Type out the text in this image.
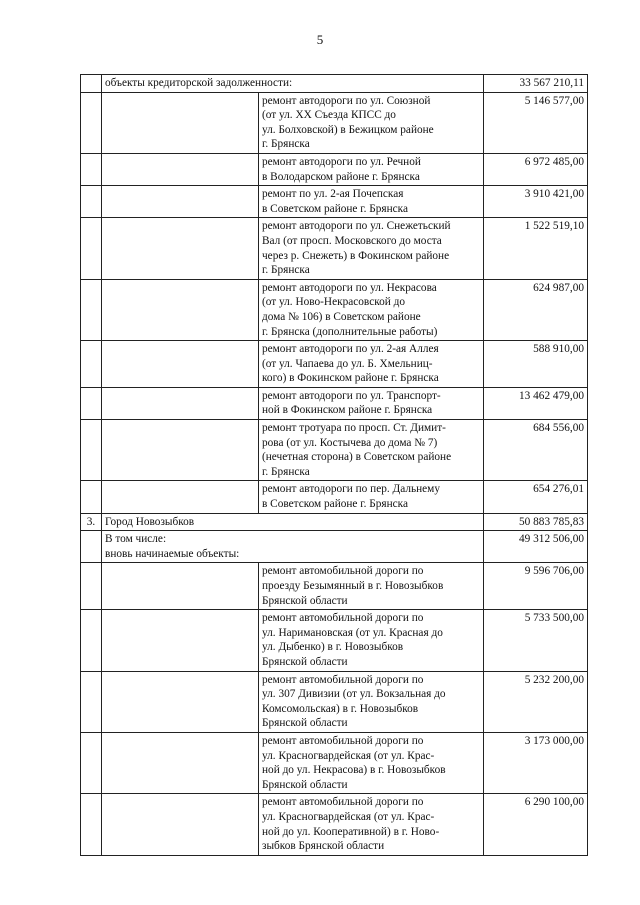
5
	объекты кредиторской задолженности:		33 567 210,11
		ремонт автодороги по ул. Союзной
(от ул. XX Съезда КПСС до
ул. Болховской) в Бежицком районе
г. Брянска	5 146 577,00
		ремонт автодороги по ул. Речной
в Володарском районе г. Брянска	6 972 485,00
		ремонт по ул. 2-ая Почепская
в Советском районе г. Брянска	3 910 421,00
		ремонт автодороги по ул. Снежетьский
Вал (от просп. Московского до моста
через р. Снежеть) в Фокинском районе
г. Брянска	1 522 519,10
		ремонт автодороги по ул. Некрасова
(от ул. Ново-Некрасовской до
дома № 106) в Советском районе
г. Брянска (дополнительные работы)	624 987,00
		ремонт автодороги по ул. 2-ая Аллея
(от ул. Чапаева до ул. Б. Хмельниц-
кого) в Фокинском районе г. Брянска	588 910,00
		ремонт автодороги по ул. Транспорт-
ной в Фокинском районе г. Брянска	13 462 479,00
		ремонт тротуара по просп. Ст. Димит-
рова (от ул. Костычева до дома № 7)
(нечетная сторона) в Советском районе
г. Брянска	684 556,00
		ремонт автодороги по пер. Дальнему
в Советском районе г. Брянска	654 276,01
3.	Город Новозыбков		50 883 785,83
	В том числе:
вновь начинаемые объекты:		49 312 506,00
		ремонт автомобильной дороги по
проезду Безымянный в г. Новозыбков
Брянской области	9 596 706,00
		ремонт автомобильной дороги по
ул. Наримановская (от ул. Красная до
ул. Дыбенко) в г. Новозыбков
Брянской области	5 733 500,00
		ремонт автомобильной дороги по
ул. 307 Дивизии (от ул. Вокзальная до
Комсомольская) в г. Новозыбков
Брянской области	5 232 200,00
		ремонт автомобильной дороги по
ул. Красногвардейская (от ул. Крас-
ной до ул. Некрасова) в г. Новозыбков
Брянской области	3 173 000,00
		ремонт автомобильной дороги по
ул. Красногвардейская (от ул. Крас-
ной до ул. Кооперативной) в г. Ново-
зыбков Брянской области	6 290 100,00
